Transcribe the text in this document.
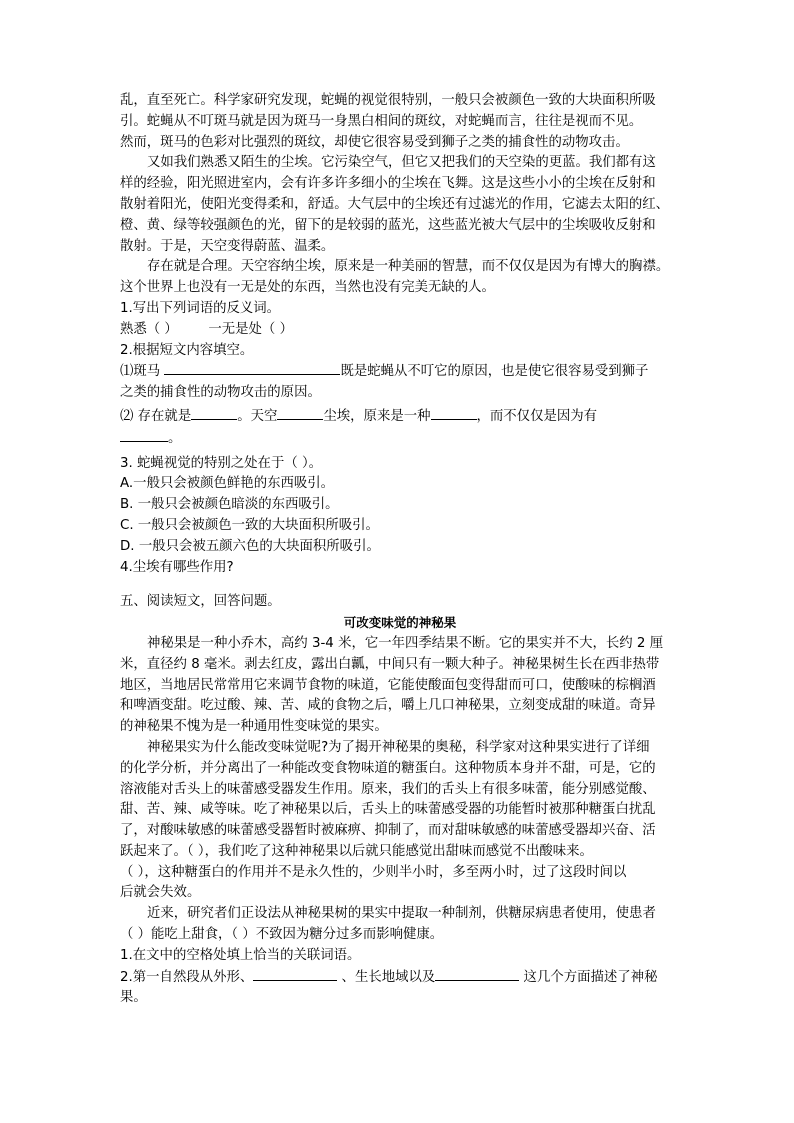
乱，直至死亡。科学家研究发现，蛇蝇的视觉很特别，一般只会被颜色一致的大块面积所吸
引。蛇蝇从不叮斑马就是因为斑马一身黑白相间的斑纹，对蛇蝇而言，往往是视而不见。
然而，斑马的色彩对比强烈的斑纹，却使它很容易受到狮子之类的捕食性的动物攻击。
又如我们熟悉又陌生的尘埃。它污染空气，但它又把我们的天空染的更蓝。我们都有这
样的经验，阳光照进室内，会有许多许多细小的尘埃在飞舞。这是这些小小的尘埃在反射和
散射着阳光，使阳光变得柔和，舒适。大气层中的尘埃还有过滤光的作用，它滤去太阳的红、
橙、黄、绿等较强颜色的光，留下的是较弱的蓝光，这些蓝光被大气层中的尘埃吸收反射和
散射。于是，天空变得蔚蓝、温柔。
存在就是合理。天空容纳尘埃，原来是一种美丽的智慧，而不仅仅是因为有博大的胸襟。
这个世界上也没有一无是处的东西，当然也没有完美无缺的人。
1.写出下列词语的反义词。
熟悉（ ） 一无是处（ ）
2.根据短文内容填空。
⑴斑马	既是蛇蝇从不叮它的原因，也是使它很容易受到狮子
之类的捕食性的动物攻击的原因。
⑵ 存在就是	。天空	尘埃，原来是一种	，而不仅仅是因为有
。
3. 蛇蝇视觉的特别之处在于（ ）。
A.一般只会被颜色鲜艳的东西吸引。
B. 一般只会被颜色暗淡的东西吸引。
C. 一般只会被颜色一致的大块面积所吸引。
D. 一般只会被五颜六色的大块面积所吸引。
4.尘埃有哪些作用?
五、阅读短文，回答问题。
可改变味觉的神秘果
神秘果是一种小乔木，高约 3-4 米，它一年四季结果不断。它的果实并不大，长约 2 厘
米，直径约 8 毫米。剥去红皮，露出白瓤，中间只有一颗大种子。神秘果树生长在西非热带
地区，当地居民常常用它来调节食物的味道，它能使酸面包变得甜而可口，使酸味的棕榈酒
和啤酒变甜。吃过酸、辣、苦、咸的食物之后，嚼上几口神秘果，立刻变成甜的味道。奇异
的神秘果不愧为是一种通用性变味觉的果实。
神秘果实为什么能改变味觉呢?为了揭开神秘果的奥秘，科学家对这种果实进行了详细
的化学分析，并分离出了一种能改变食物味道的糖蛋白。这种物质本身并不甜，可是，它的
溶液能对舌头上的味蕾感受器发生作用。原来，我们的舌头上有很多味蕾，能分别感觉酸、
甜、苦、辣、咸等味。吃了神秘果以后，舌头上的味蕾感受器的功能暂时被那种糖蛋白扰乱
了，对酸味敏感的味蕾感受器暂时被麻痹、抑制了，而对甜味敏感的味蕾感受器却兴奋、活
跃起来了。（ ），我们吃了这种神秘果以后就只能感觉出甜味而感觉不出酸味来。
（ ），这种糖蛋白的作用并不是永久性的，少则半小时，多至两小时，过了这段时间以
后就会失效。
近来，研究者们正设法从神秘果树的果实中提取一种制剂，供糖尿病患者使用，使患者
（ ）能吃上甜食，（ ）不致因为糖分过多而影响健康。
1.在文中的空格处填上恰当的关联词语。
2.第一自然段从外形、	、生长地域以及	这几个方面描述了神秘
果。
